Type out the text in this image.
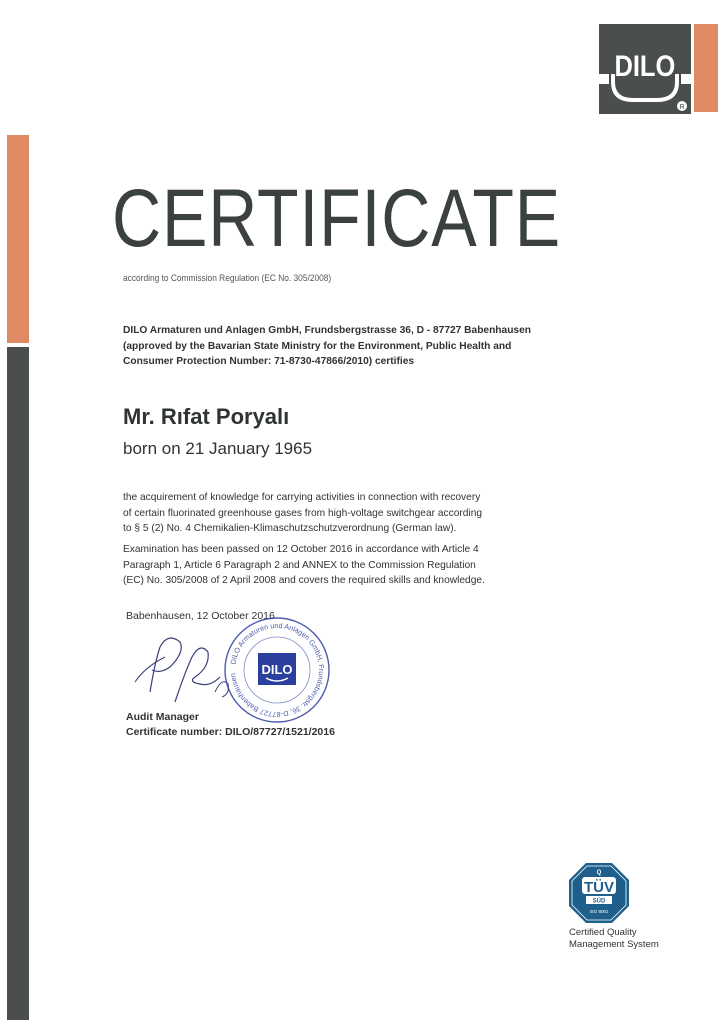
DILO
R
CERTIFICATE
according to Commission Regulation (EC No. 305/2008)
DILO Armaturen und Anlagen GmbH, Frundsbergstrasse 36, D - 87727 Babenhausen
(approved by the Bavarian State Ministry for the Environment, Public Health and
Consumer Protection Number: 71-8730-47866/2010) certifies
Mr. Rıfat Poryalı
born on 21 January 1965
the acquirement of knowledge for carrying activities in connection with recovery
of certain fluorinated greenhouse gases from high-voltage switchgear according
to § 5 (2) No. 4 Chemikalien-Klimaschutzschutzverordnung (German law).
Examination has been passed on 12 October 2016 in accordance with Article 4
Paragraph 1, Article 6 Paragraph 2 and ANNEX to the Commission Regulation
(EC) No. 305/2008 of 2 April 2008 and covers the required skills and knowledge.
Babenhausen, 12 October 2016
DILO Armaturen und Anlagen GmbH, Frundsbergstr. 36, D-87727 Babenhausen	DILO
Audit Manager
Certificate number: DILO/87727/1521/2016
Q
TÜV
SÜD
ISO 9001
Certified Quality
Management System
